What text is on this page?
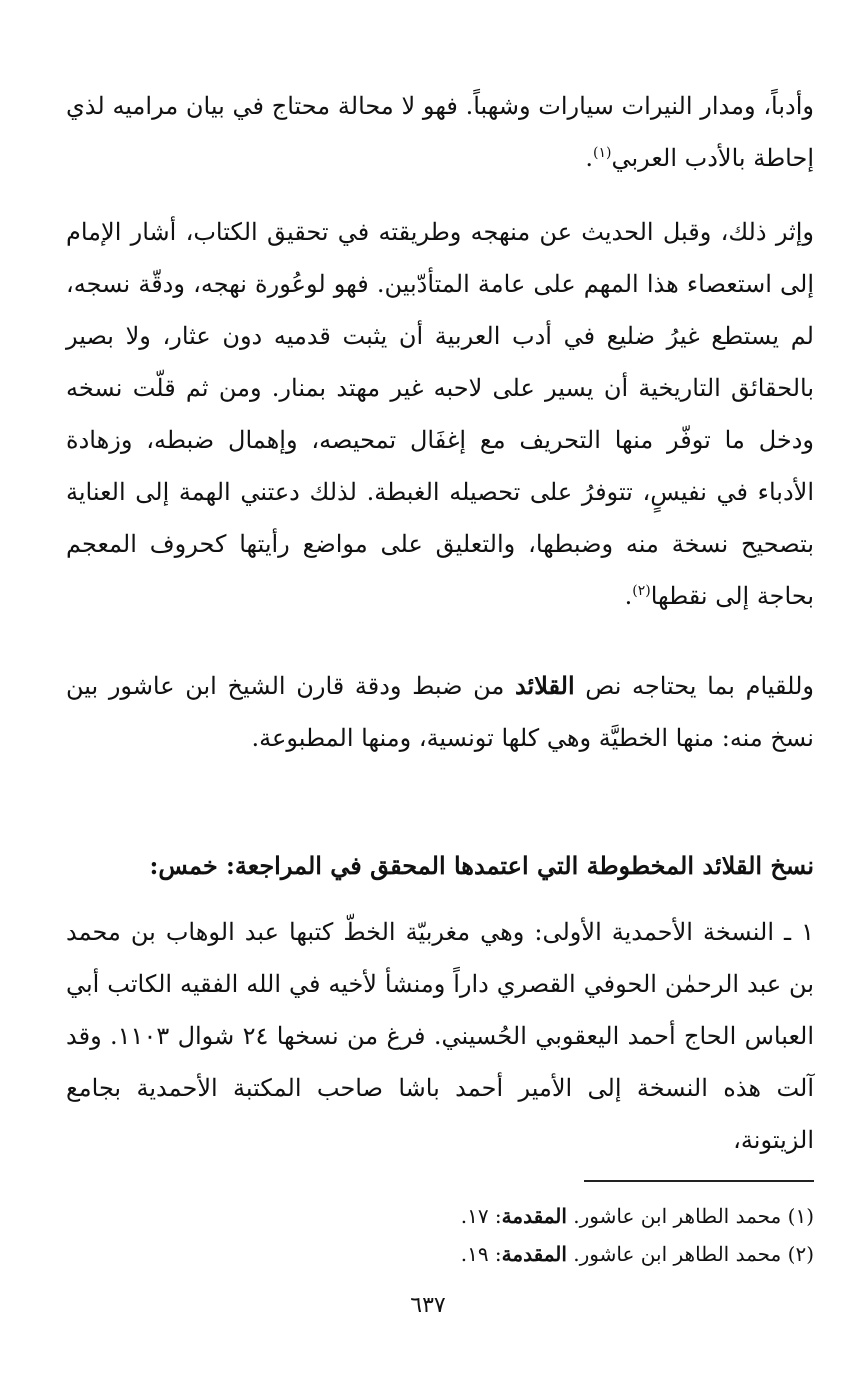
وأدباً، ومدار النيرات سيارات وشهباً. فهو لا محالة محتاج في بيان مراميه لذي إحاطة بالأدب العربي$^{(١)}$.

وإثر ذلك، وقبل الحديث عن منهجه وطريقته في تحقيق الكتاب، أشار الإمام إلى استعصاء هذا المهم على عامة المتأدّبين. فهو لوعُورة نهجه، ودقّة نسجه، لم يستطع غيرُ ضليع في أدب العربية أن يثبت قدميه دون عثار، ولا بصير بالحقائق التاريخية أن يسير على لاحبه غير مهتد بمنار. ومن ثم قلّت نسخه ودخل ما توفّر منها التحريف مع إغفَال تمحيصه، وإهمال ضبطه، وزهادة الأدباء في نفيسٍ، تتوفرُ على تحصيله الغبطة. لذلك دعتني الهمة إلى العناية بتصحيح نسخة منه وضبطها، والتعليق على مواضع رأيتها كحروف المعجم بحاجة إلى نقطها$^{(٢)}$.

وللقيام بما يحتاجه نص القلائد من ضبط ودقة قارن الشيخ ابن عاشور بين نسخ منه: منها الخطيَّة وهي كلها تونسية، ومنها المطبوعة.

نسخ القلائد المخطوطة التي اعتمدها المحقق في المراجعة: خمس:

١ ـ النسخة الأحمدية الأولى: وهي مغربيّة الخطّ كتبها عبد الوهاب بن محمد بن عبد الرحمٰن الحوفي القصري داراً ومنشأ لأخيه في الله الفقيه الكاتب أبي العباس الحاج أحمد اليعقوبي الحُسيني. فرغ من نسخها ٢٤ شوال ١١٠٣. وقد آلت هذه النسخة إلى الأمير أحمد باشا صاحب المكتبة الأحمدية بجامع الزيتونة،

(١) محمد الطاهر ابن عاشور. المقدمة: ١٧.

(٢) محمد الطاهر ابن عاشور. المقدمة: ١٩.

٦٣٧
